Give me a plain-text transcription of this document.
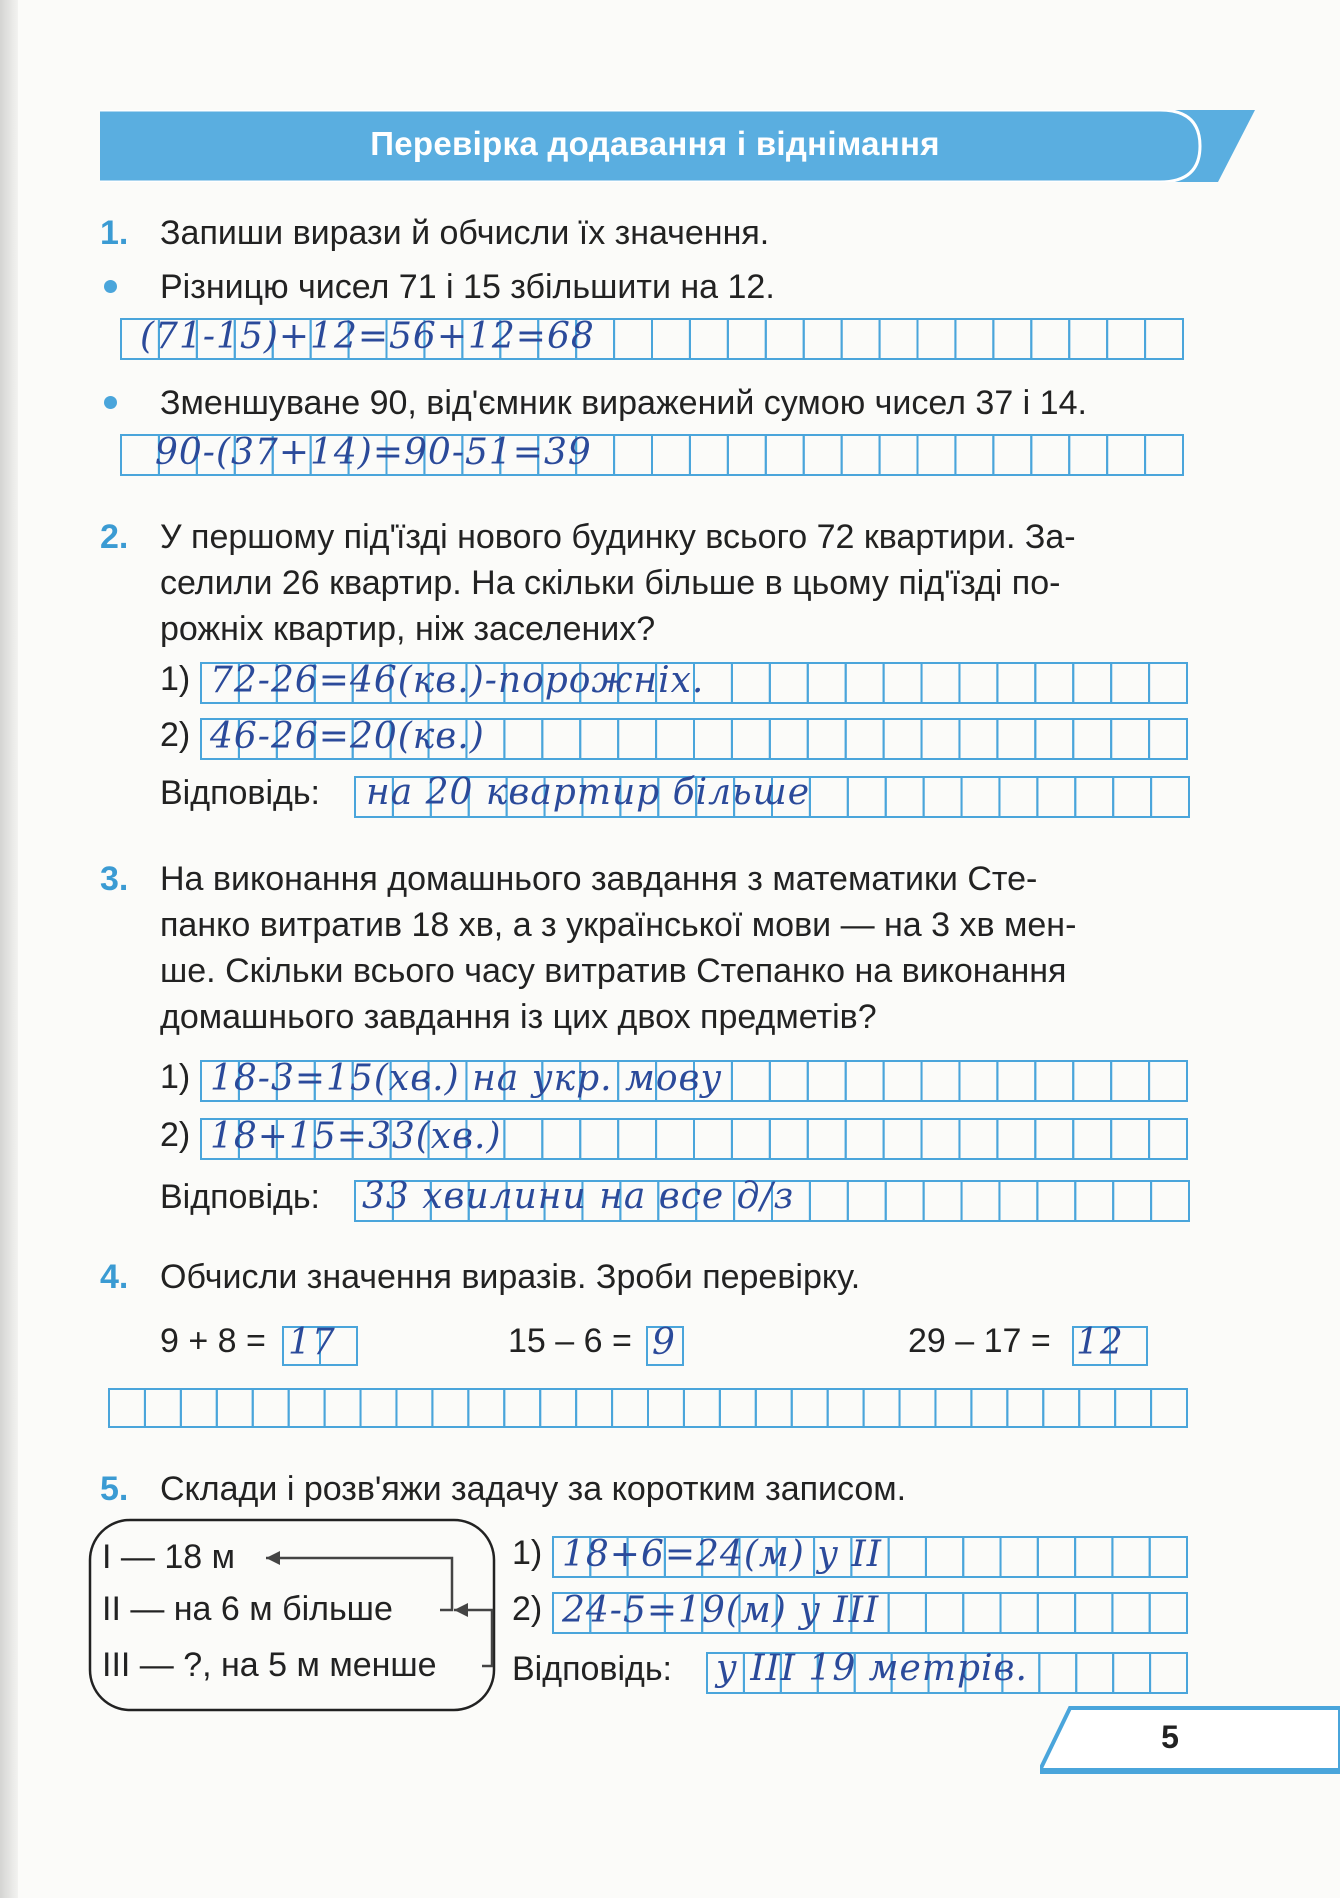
Перевірка додавання і віднімання
1. Запиши вирази й обчисли їх значення.
Різницю чисел 71 і 15 збільшити на 12.
(71-15)+12=56+12=68
Зменшуване 90, від'ємник виражений сумою чисел 37 і 14.
90-(37+14)=90-51=39
2. У першому під'їзді нового будинку всього 72 квартири. За-
селили 26 квартир. На скільки більше в цьому під'їзді по-
рожніх квартир, ніж заселених?
1) 72-26=46(кв.)-порожніх.
2) 46-26=20(кв.)
Відповідь: на 20 квартир більше
3. На виконання домашнього завдання з математики Сте-
панко витратив 18 хв, а з української мови — на 3 хв мен-
ше. Скільки всього часу витратив Степанко на виконання
домашнього завдання із цих двох предметів?
1) 18-3=15(хв.) на укр. мову
2) 18+15=33(хв.)
Відповідь: 33 хвилини на все д/з
4. Обчисли значення виразів. Зроби перевірку.
9 + 8 = 17	15 – 6 = 9	29 – 17 = 12
5. Склади і розв'яжи задачу за коротким записом.
І — 18 м
ІІ — на 6 м більше
ІІІ — ?, на 5 м менше
1) 18+6=24(м) у ІІ
2) 24-5=19(м) у ІІІ
Відповідь: у ІІІ 19 метрів.
5
